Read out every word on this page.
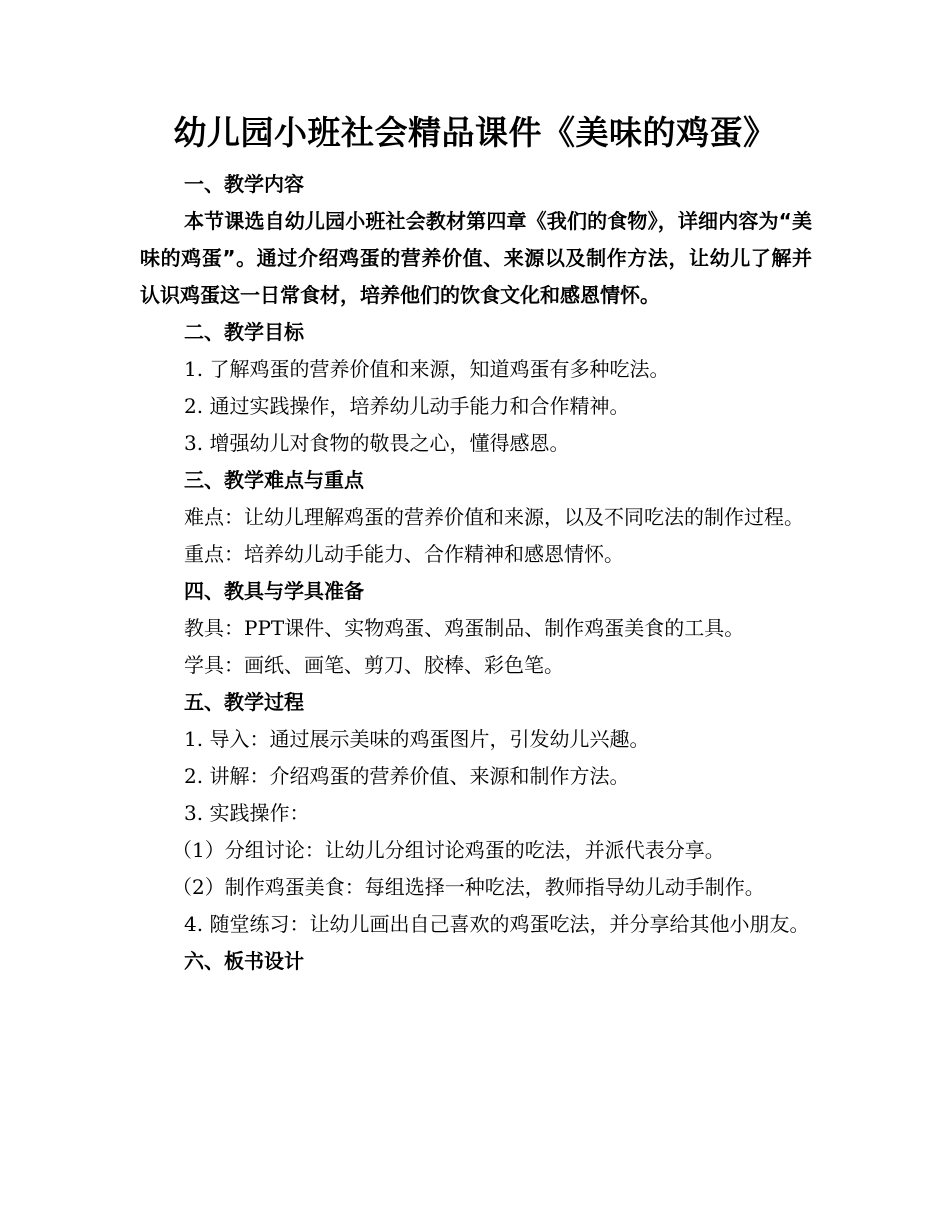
幼儿园小班社会精品课件《美味的鸡蛋》

一、教学内容

本节课选自幼儿园小班社会教材第四章《我们的食物》，详细内容为“美味的鸡蛋”。通过介绍鸡蛋的营养价值、来源以及制作方法，让幼儿了解并认识鸡蛋这一日常食材，培养他们的饮食文化和感恩情怀。

二、教学目标

1. 了解鸡蛋的营养价值和来源，知道鸡蛋有多种吃法。

2. 通过实践操作，培养幼儿动手能力和合作精神。

3. 增强幼儿对食物的敬畏之心，懂得感恩。

三、教学难点与重点

难点：让幼儿理解鸡蛋的营养价值和来源，以及不同吃法的制作过程。

重点：培养幼儿动手能力、合作精神和感恩情怀。

四、教具与学具准备

教具：PPT课件、实物鸡蛋、鸡蛋制品、制作鸡蛋美食的工具。

学具：画纸、画笔、剪刀、胶棒、彩色笔。

五、教学过程

1. 导入：通过展示美味的鸡蛋图片，引发幼儿兴趣。

2. 讲解：介绍鸡蛋的营养价值、来源和制作方法。

3. 实践操作：

（1）分组讨论：让幼儿分组讨论鸡蛋的吃法，并派代表分享。

（2）制作鸡蛋美食：每组选择一种吃法，教师指导幼儿动手制作。

4. 随堂练习：让幼儿画出自己喜欢的鸡蛋吃法，并分享给其他小朋友。

六、板书设计
